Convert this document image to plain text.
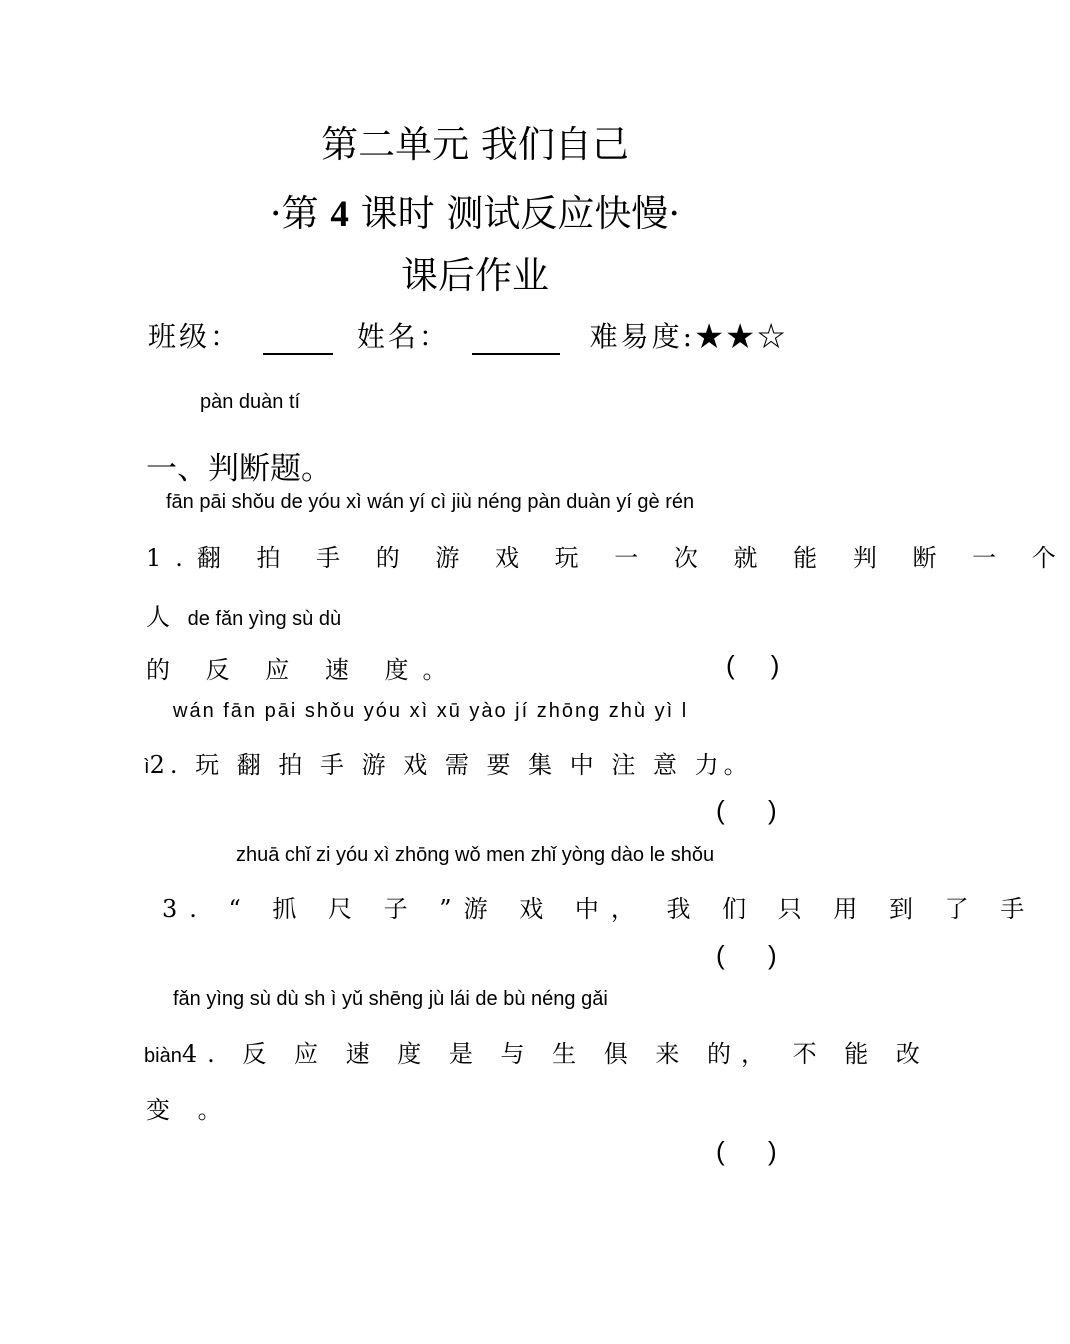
第二单元 我们自己
·第 4 课时 测试反应快慢·
课后作业
班级：	姓名：	难易度:★★☆
pàn duàn tí
一、判断题。
fān pāi shǒu de yóu xì wán yí cì jiù néng pàn duàn yí gè rén
1.翻 拍 手 的 游 戏 玩 一 次 就 能 判 断 一 个
人 de fǎn yìng sù dù
的 反 应 速 度。	(     )
wán fān pāi shǒu yóu xì xū yào jí zhōng zhù yì l
ì2. 玩 翻 拍 手 游 戏 需 要 集 中 注 意 力。
(      )
zhuā chǐ zi yóu xì zhōng wǒ men zhǐ yòng dào le shǒu
3. “ 抓 尺 子 ”游 戏 中， 我 们 只 用 到 了 手
(      )
fǎn yìng sù dù sh ì yǔ shēng jù lái de bù néng gǎi
biàn4. 反 应 速 度 是 与 生 俱 来 的， 不 能 改
变 。
(      )
